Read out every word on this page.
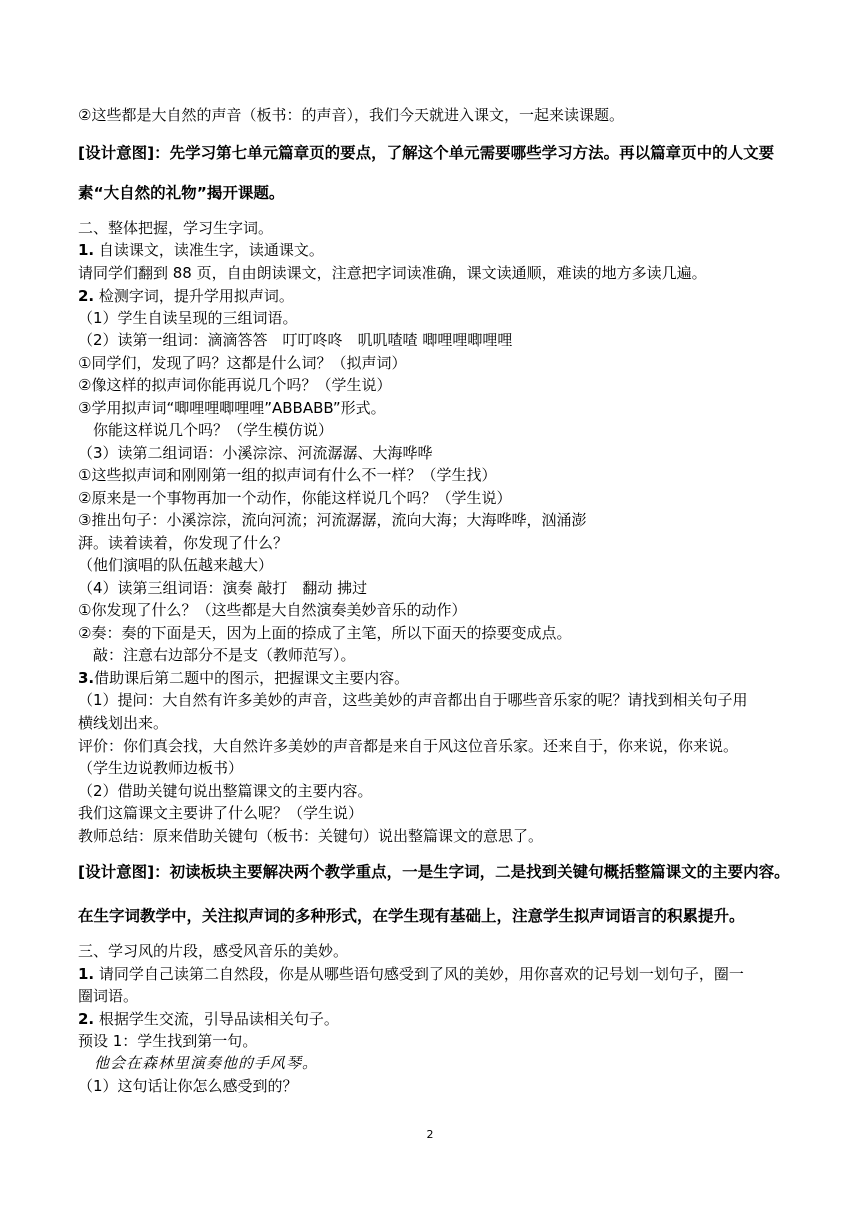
②这些都是大自然的声音（板书：的声音），我们今天就进入课文，一起来读课题。
[设计意图]：先学习第七单元篇章页的要点，了解这个单元需要哪些学习方法。再以篇章页中的人文要
素“大自然的礼物”揭开课题。
二、整体把握，学习生字词。
1. 自读课文，读准生字，读通课文。
请同学们翻到 88 页，自由朗读课文，注意把字词读准确，课文读通顺，难读的地方多读几遍。
2. 检测字词，提升学用拟声词。
（1）学生自读呈现的三组词语。
（2）读第一组词：滴滴答答　叮叮咚咚　叽叽喳喳 唧哩哩唧哩哩
①同学们，发现了吗？这都是什么词？（拟声词）
②像这样的拟声词你能再说几个吗？（学生说）
③学用拟声词“唧哩哩唧哩哩”ABBABB”形式。
　你能这样说几个吗？（学生模仿说）
（3）读第二组词语：小溪淙淙、河流潺潺、大海哗哗
①这些拟声词和刚刚第一组的拟声词有什么不一样？（学生找）
②原来是一个事物再加一个动作，你能这样说几个吗？（学生说）
③推出句子：小溪淙淙，流向河流；河流潺潺，流向大海；大海哗哗，汹涌澎
湃。读着读着，你发现了什么？
（他们演唱的队伍越来越大）
（4）读第三组词语：演奏 敲打　翻动 拂过
①你发现了什么？（这些都是大自然演奏美妙音乐的动作）
②奏：奏的下面是天，因为上面的捺成了主笔，所以下面天的捺要变成点。
　敲：注意右边部分不是支（教师范写）。
3.借助课后第二题中的图示，把握课文主要内容。
（1）提问：大自然有许多美妙的声音，这些美妙的声音都出自于哪些音乐家的呢？请找到相关句子用
横线划出来。
评价：你们真会找，大自然许多美妙的声音都是来自于风这位音乐家。还来自于，你来说，你来说。
（学生边说教师边板书）
（2）借助关键句说出整篇课文的主要内容。
我们这篇课文主要讲了什么呢？（学生说）
教师总结：原来借助关键句（板书：关键句）说出整篇课文的意思了。
[设计意图]：初读板块主要解决两个教学重点，一是生字词，二是找到关键句概括整篇课文的主要内容。
在生字词教学中，关注拟声词的多种形式，在学生现有基础上，注意学生拟声词语言的积累提升。
三、学习风的片段，感受风音乐的美妙。
1. 请同学自己读第二自然段，你是从哪些语句感受到了风的美妙，用你喜欢的记号划一划句子，圈一
圈词语。
2. 根据学生交流，引导品读相关句子。
预设 1：学生找到第一句。
他会在森林里演奏他的手风琴。
（1）这句话让你怎么感受到的？
2
